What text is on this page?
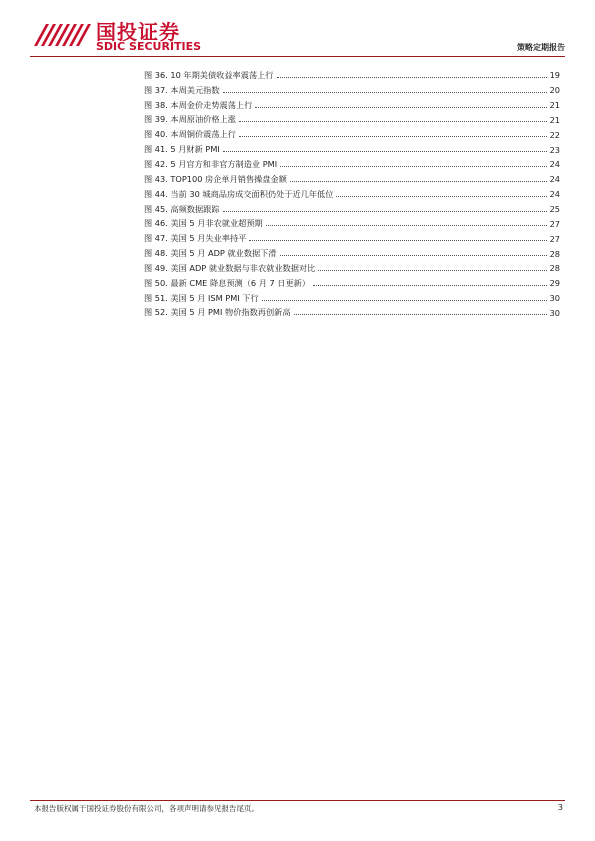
国投证券
SDIC SECURITIES	策略定期报告
图 36. 10 年期美债收益率震荡上行	19
图 37. 本周美元指数	20
图 38. 本周金价走势震荡上行	21
图 39. 本周原油价格上涨	21
图 40. 本周铜价震荡上行	22
图 41. 5 月财新 PMI	23
图 42. 5 月官方和非官方制造业 PMI	24
图 43. TOP100 房企单月销售操盘金额	24
图 44. 当前 30 城商品房成交面积仍处于近几年低位	24
图 45. 高频数据跟踪	25
图 46. 美国 5 月非农就业超预期	27
图 47. 美国 5 月失业率持平	27
图 48. 美国 5 月 ADP 就业数据下滑	28
图 49. 美国 ADP 就业数据与非农就业数据对比	28
图 50. 最新 CME 降息预测（6 月 7 日更新）	29
图 51. 美国 5 月 ISM PMI 下行	30
图 52. 美国 5 月 PMI 物价指数再创新高	30
本报告版权属于国投证券股份有限公司，各项声明请参见报告尾页。	3
